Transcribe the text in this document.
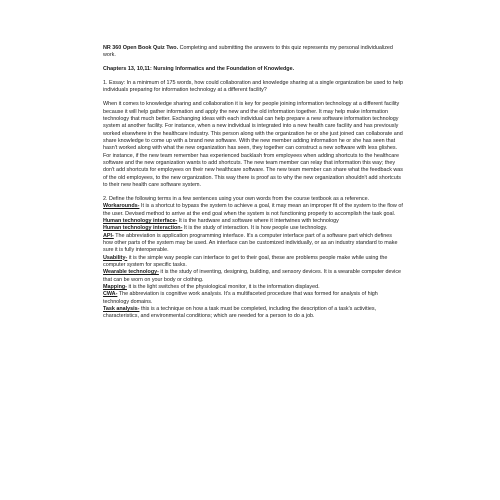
NR 360 Open Book Quiz Two. Completing and submitting the answers to this quiz represents my personal individualized work.

Chapters 13, 10,11: Nursing Informatics and the Foundation of Knowledge.

1. Essay: In a minimum of 175 words, how could collaboration and knowledge sharing at a single organization be used to help individuals preparing for information technology at a different facility?

When it comes to knowledge sharing and collaboration it is key for people joining information technology at a different facility because it will help gather information and apply the new and the old information together. It may help make information technology that much better. Exchanging ideas with each individual can help prepare a new software information technology system at another facility. For instance, when a new individual is integrated into a new health care facility and has previously worked elsewhere in the healthcare industry. This person along with the organization he or she just joined can collaborate and share knowledge to come up with a brand new software. With the new member adding information he or she has seen that hasn't worked along with what the new organization has seen, they together can construct a new software with less glishes. For instance, if the new team remember has experienced backlash from employees when adding shortcuts to the healthcare software and the new organization wants to add shortcuts. The new team member can relay that information this way; they don't add shortcuts for employees on their new healthcare software. The new team member can share what the feedback was of the old employees, to the new organization. This way there is proof as to why the new organization shouldn't add shortcuts to their new health care software system.

2. Define the following terms in a few sentences using your own words from the course textbook as a reference.

Workarounds- It is a shortcut to bypass the system to achieve a goal, it may mean an improper fit of the system to the flow of the user. Devised method to arrive at the end goal when the system is not functioning properly to accomplish the task goal.

Human technology interface- It is the hardware and software where it intertwines with technology

Human technology interaction- It is the study of interaction. It is how people use technology.

API- The abbreviation is application programming interface. It's a computer interface part of a software part which defines how other parts of the system may be used. An interface can be customized individually, or as an industry standard to make sure it is fully interoperable.

Usability- it is the simple way people can interface to get to their goal, these are problems people make while using the computer system for specific tasks.

Wearable technology- it is the study of inventing, designing, building, and sensory devices. It is a wearable computer device that can be worn on your body or clothing.

Mapping- it is the light switches of the physiological monitor, it is the information displayed.

CWA- The abbreviation is cognitive work analysis. It's a multifaceted procedure that was formed for analysis of high technology domains.

Task analysis- this is a technique on how a task must be completed, including the description of a task's activities, characteristics, and environmental conditions; which are needed for a person to do a job.
